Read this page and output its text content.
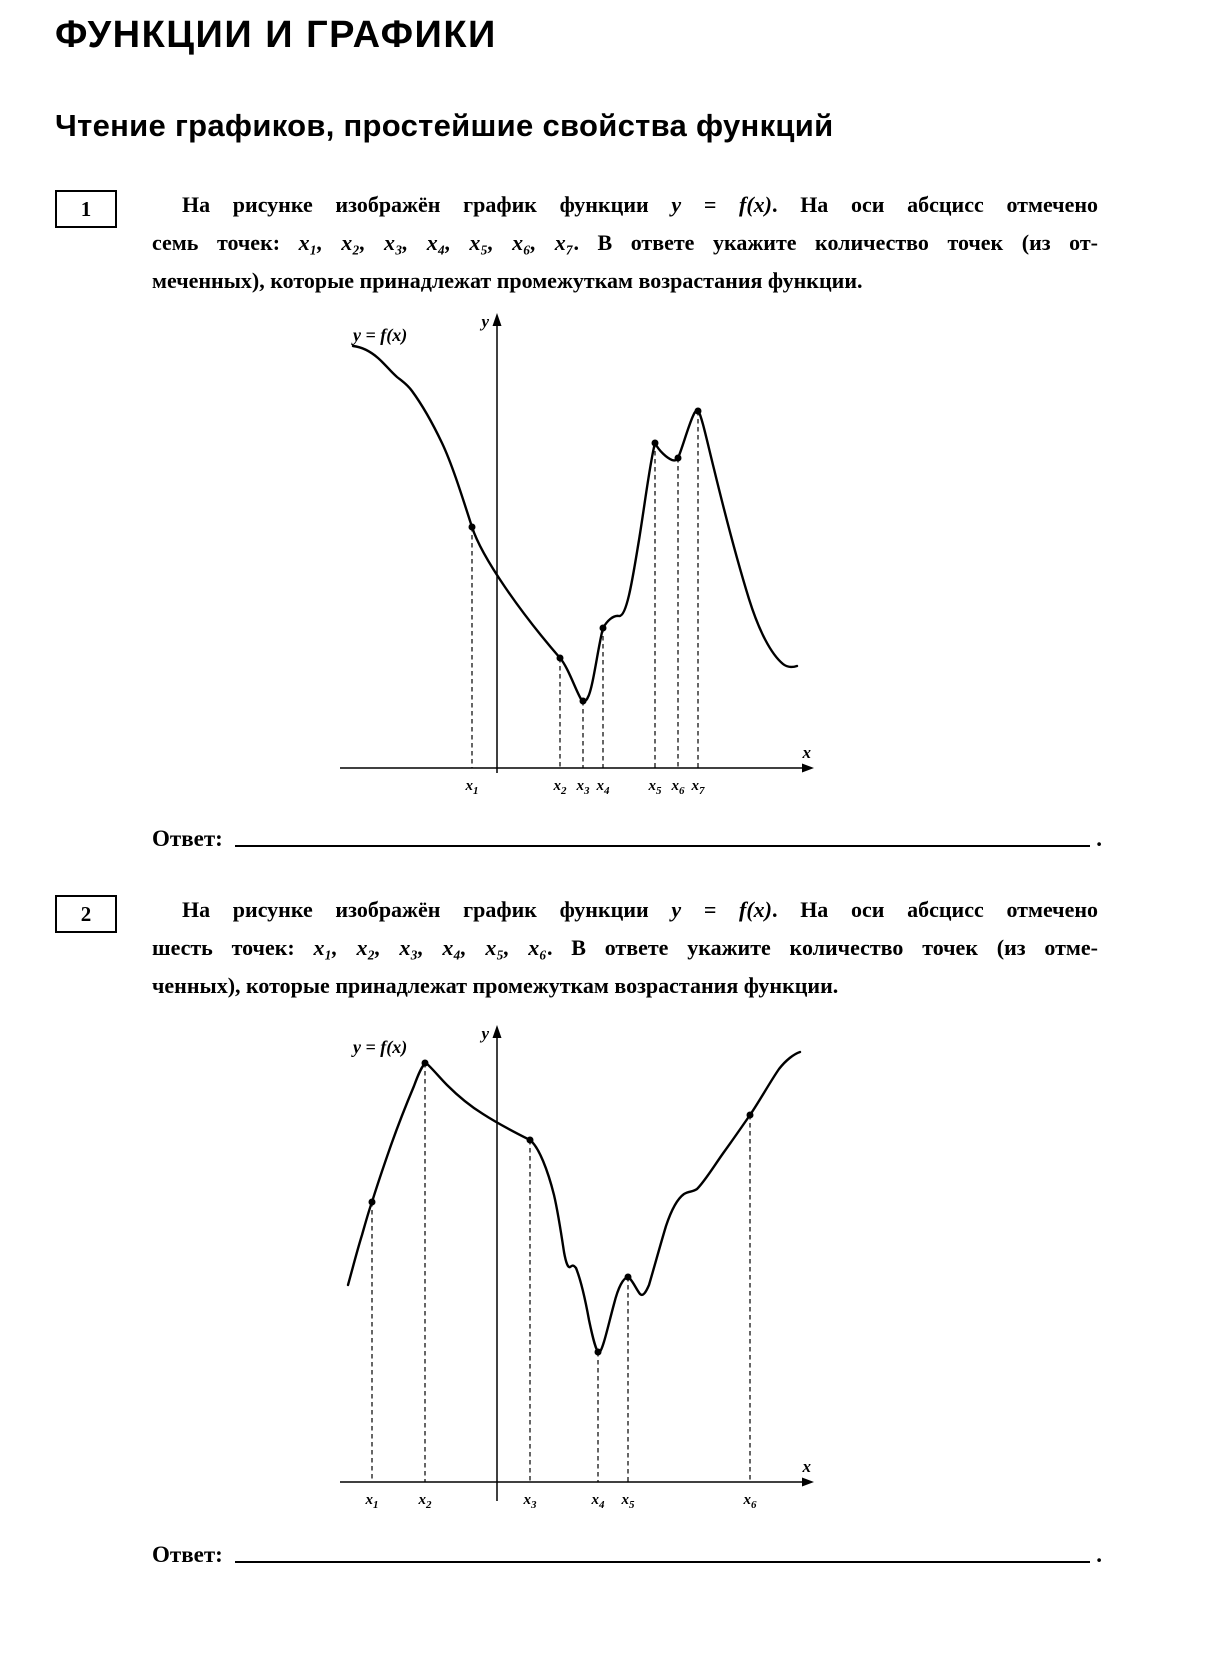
ФУНКЦИИ И ГРАФИКИ
Чтение графиков, простейшие свойства функций
1	На рисунке изображён график функции y = f(x). На оси абсцисс отмечено
семь точек: x₁, x₂, x₃, x₄, x₅, x₆, x₇. В ответе укажите количество точек (из от-
меченных), которые принадлежат промежуткам возрастания функции.
y
x
y = f(x)
$x_1$	$x_2$ $x_3$ $x_4$	$x_5$ $x_6$ $x_7$
Ответ:	.
2	На рисунке изображён график функции y = f(x). На оси абсцисс отмечено
шесть точек: x₁, x₂, x₃, x₄, x₅, x₆. В ответе укажите количество точек (из отме-
ченных), которые принадлежат промежуткам возрастания функции.
y
x
y = f(x)
$x_1$	$x_2$	$x_3$	$x_4$ $x_5$	$x_6$
Ответ:	.
